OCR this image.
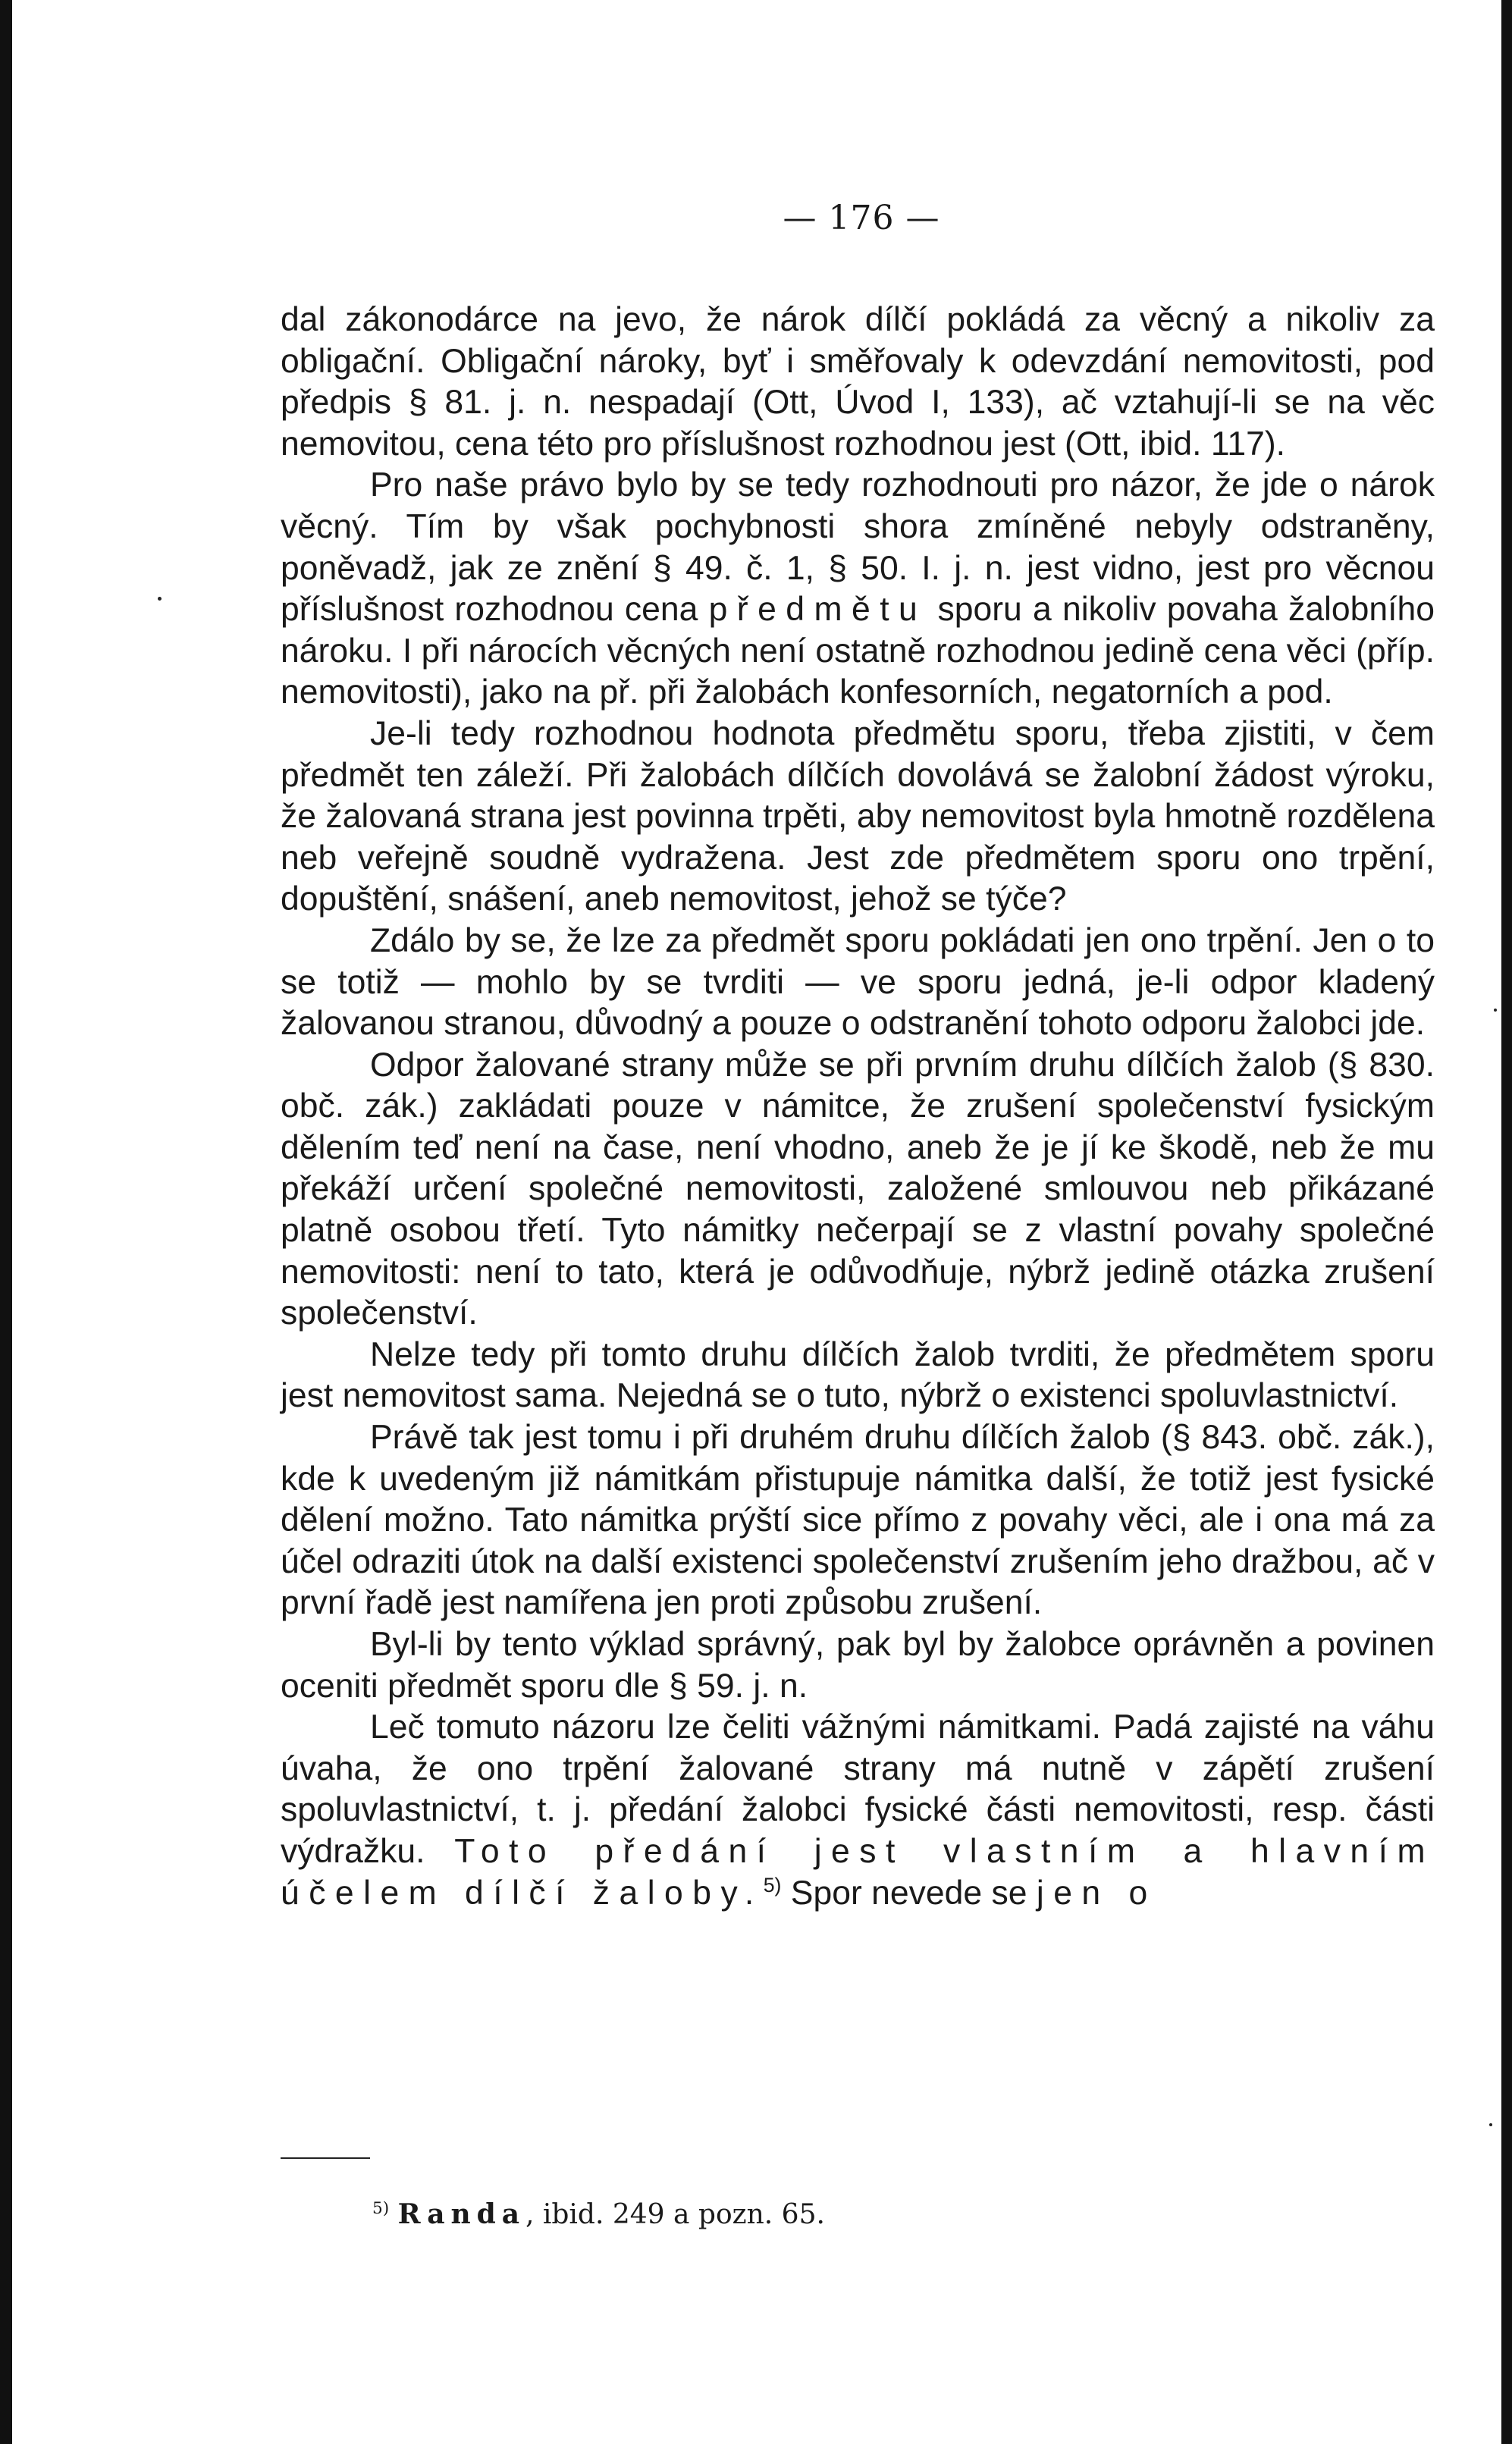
— 176 —

dal zákonodárce na jevo, že nárok dílčí pokládá za věcný a nikoliv za obligační. Obligační nároky, byť i směřovaly k odevzdání nemovitosti, pod předpis § 81. j. n. nespadají (Ott, Úvod I, 133), ač vztahují-li se na věc nemovitou, cena této pro příslušnost rozhodnou jest (Ott, ibid. 117).

Pro naše právo bylo by se tedy rozhodnouti pro názor, že jde o nárok věcný. Tím by však pochybnosti shora zmíněné nebyly odstraněny, poněvadž, jak ze znění § 49. č. 1, § 50. I. j. n. jest vidno, jest pro věcnou příslušnost rozhodnou cena předmětu sporu a nikoliv povaha žalobního nároku. I při nárocích věcných není ostatně rozhodnou jedině cena věci (příp. nemovitosti), jako na př. při žalobách konfesorních, negatorních a pod.

Je-li tedy rozhodnou hodnota předmětu sporu, třeba zjistiti, v čem předmět ten záleží. Při žalobách dílčích dovolává se žalobní žádost výroku, že žalovaná strana jest povinna trpěti, aby nemovitost byla hmotně rozdělena neb veřejně soudně vydražena. Jest zde předmětem sporu ono trpění, dopuštění, snášení, aneb nemovitost, jehož se týče?

Zdálo by se, že lze za předmět sporu pokládati jen ono trpění. Jen o to se totiž — mohlo by se tvrditi — ve sporu jedná, je-li odpor kladený žalovanou stranou, důvodný a pouze o odstranění tohoto odporu žalobci jde.

Odpor žalované strany může se při prvním druhu dílčích žalob (§ 830. obč. zák.) zakládati pouze v námitce, že zrušení společenství fysickým dělením teď není na čase, není vhodno, aneb že je jí ke škodě, neb že mu překáží určení společné nemovitosti, založené smlouvou neb přikázané platně osobou třetí. Tyto námitky nečerpají se z vlastní povahy společné nemovitosti: není to tato, která je odůvodňuje, nýbrž jedině otázka zrušení společenství.

Nelze tedy při tomto druhu dílčích žalob tvrditi, že předmětem sporu jest nemovitost sama. Nejedná se o tuto, nýbrž o existenci spoluvlastnictví.

Právě tak jest tomu i při druhém druhu dílčích žalob (§ 843. obč. zák.), kde k uvedeným již námitkám přistupuje námitka další, že totiž jest fysické dělení možno. Tato námitka prýští sice přímo z povahy věci, ale i ona má za účel odraziti útok na další existenci společenství zrušením jeho dražbou, ač v první řadě jest namířena jen proti způsobu zrušení.

Byl-li by tento výklad správný, pak byl by žalobce oprávněn a povinen oceniti předmět sporu dle § 59. j. n.

Leč tomuto názoru lze čeliti vážnými námitkami. Padá zajisté na váhu úvaha, že ono trpění žalované strany má nutně v zápětí zrušení spoluvlastnictví, t. j. předání žalobci fysické části nemovitosti, resp. části výdražku. Toto předání jest vlastním a hlavním účelem dílčí žaloby.$^{5)}$ Spor nevede se jen o

$^{5)}$ Randa, ibid. 249 a pozn. 65.
